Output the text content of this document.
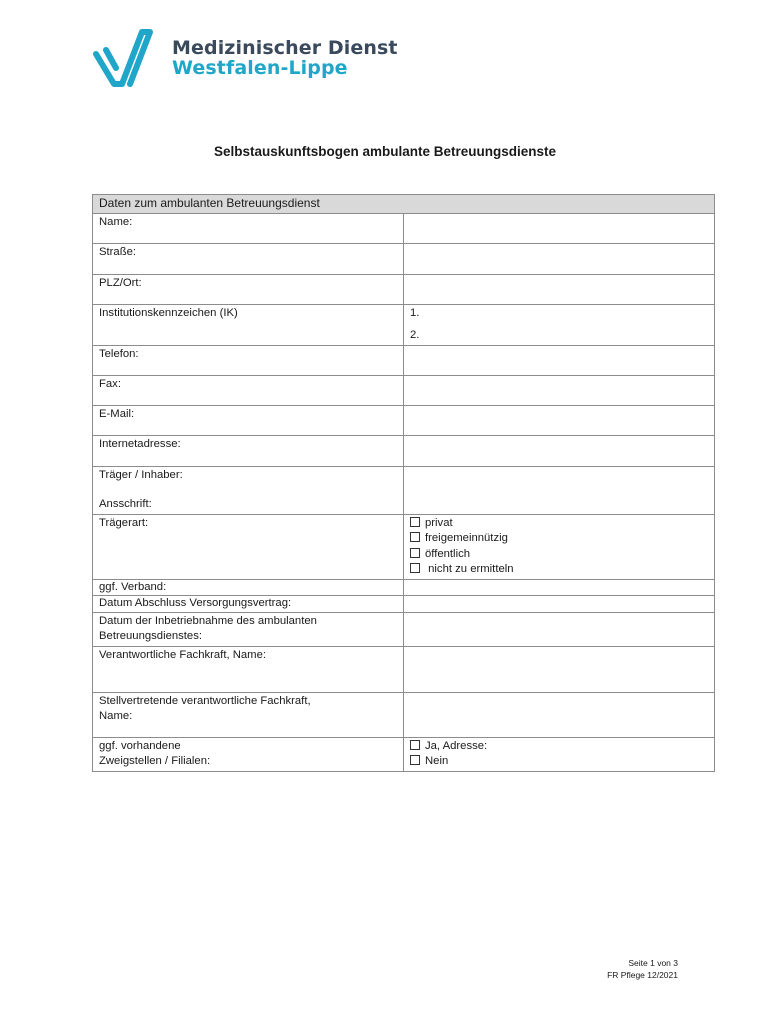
Medizinischer Dienst
Westfalen-Lippe
Selbstauskunftsbogen ambulante Betreuungsdienste
Daten zum ambulanten Betreuungsdienst	
Name:	
Straße:	
PLZ/Ort:	
Institutionskennzeichen (IK)	1.
2.

Telefon:	
Fax:	
E-Mail:	
Internetadresse:	

Träger / Inhaber:
Ansschrift:	

Trägerart:	privat
freigemeinnützig
öffentlich
nicht zu ermitteln

ggf. Verband:	
Datum Abschluss Versorgungsvertrag:	

Datum der Inbetriebnahme des ambulanten
Betreuungsdienstes:	

Verantwortliche Fachkraft, Name:	

Stellvertretende verantwortliche Fachkraft,
Name:	

ggf. vorhandene
Zweigstellen / Filialen:	Ja, Adresse:
Nein
Seite 1 von 3
FR Pflege 12/2021
